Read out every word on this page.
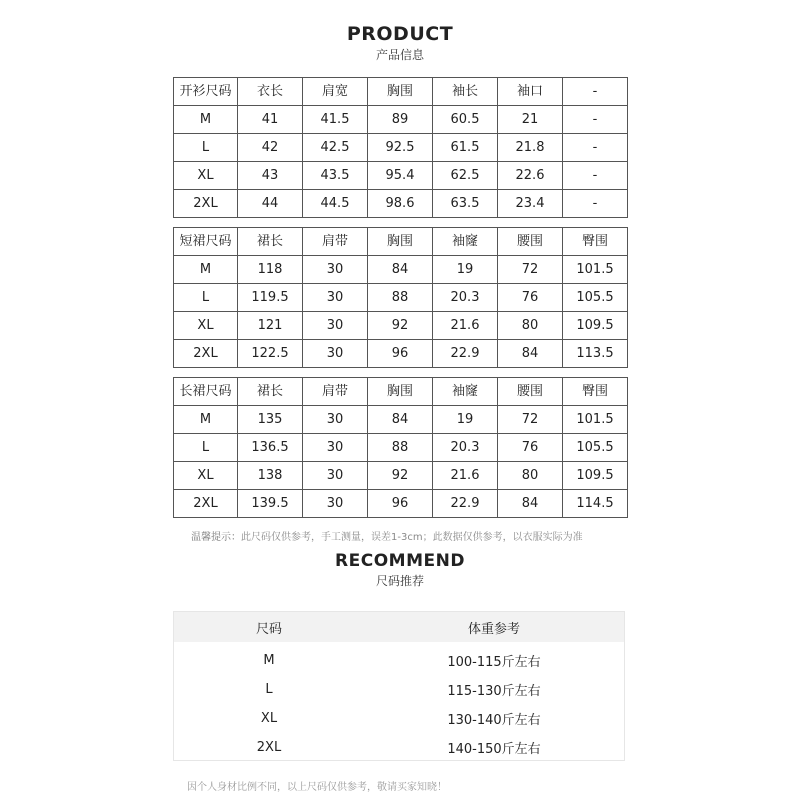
PRODUCT
产品信息
开衫尺码	衣长	肩宽	胸围	袖长	袖口	-
M	41	41.5	89	60.5	21	-
L	42	42.5	92.5	61.5	21.8	-
XL	43	43.5	95.4	62.5	22.6	-
2XL	44	44.5	98.6	63.5	23.4	-
短裙尺码	裙长	肩带	胸围	袖窿	腰围	臀围
M	118	30	84	19	72	101.5
L	119.5	30	88	20.3	76	105.5
XL	121	30	92	21.6	80	109.5
2XL	122.5	30	96	22.9	84	113.5
长裙尺码	裙长	肩带	胸围	袖窿	腰围	臀围
M	135	30	84	19	72	101.5
L	136.5	30	88	20.3	76	105.5
XL	138	30	92	21.6	80	109.5
2XL	139.5	30	96	22.9	84	114.5
温馨提示：此尺码仅供参考，手工测量，误差1-3cm；此数据仅供参考，以衣服实际为准
RECOMMEND
尺码推荐
尺码	体重参考
M	100-115斤左右
L	115-130斤左右
XL	130-140斤左右
2XL	140-150斤左右
因个人身材比例不同，以上尺码仅供参考，敬请买家知晓！
